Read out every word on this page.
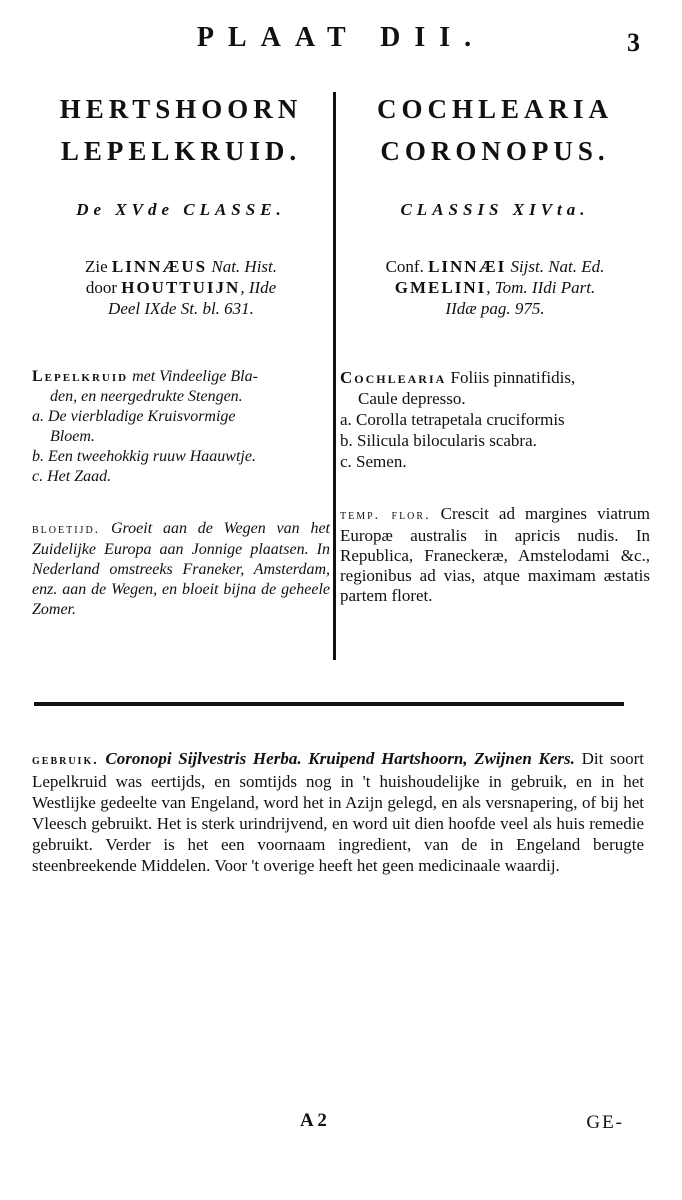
PLAAT DII.	3
HERTSHOORN
LEPELKRUID.
De XVde CLASSE.
Zie LINNÆUS Nat. Hist.
door HOUTTUIJN, IIde
Deel IXde St. bl. 631.

Lepelkruid met Vindeelige Bla-

den, en neergedrukte Stengen.

a. De vierbladige Kruisvormige

Bloem.

b. Een tweehokkig ruuw Haauwtje.

c. Het Zaad.

bloetijd. Groeit aan de Wegen van het Zuidelijke Europa aan Jonnige plaatsen. In Nederland omstreeks Franeker, Amsterdam, enz. aan de Wegen, en bloeit bijna de geheele Zomer.
COCHLEARIA
CORONOPUS.
CLASSIS XIVta.
Conf. LINNÆI Sijst. Nat. Ed.
GMELINI, Tom. IIdi Part.
IIdæ pag. 975.

Cochlearia Foliis pinnatifidis,

Caule depresso.

a. Corolla tetrapetala cruciformis

b. Silicula bilocularis scabra.

c. Semen.

temp. flor. Crescit ad margines viatrum Europæ australis in apricis nudis. In Republica, Franeckeræ, Amstelodami &c., regionibus ad vias, atque maximam æstatis partem floret.
gebruik. Coronopi Sijlvestris Herba. Kruipend Hartshoorn, Zwijnen Kers. Dit soort Lepelkruid was eertijds, en somtijds nog in 't huishoudelijke in gebruik, en in het Westlijke gedeelte van Engeland, word het in Azijn gelegd, en als versnapering, of bij het Vleesch gebruikt. Het is sterk urindrijvend, en word uit dien hoofde veel als huis remedie gebruikt. Verder is het een voornaam ingredient, van de in Engeland berugte steenbreekende Middelen. Voor 't overige heeft het geen medicinaale waardij.
A 2	GE-
